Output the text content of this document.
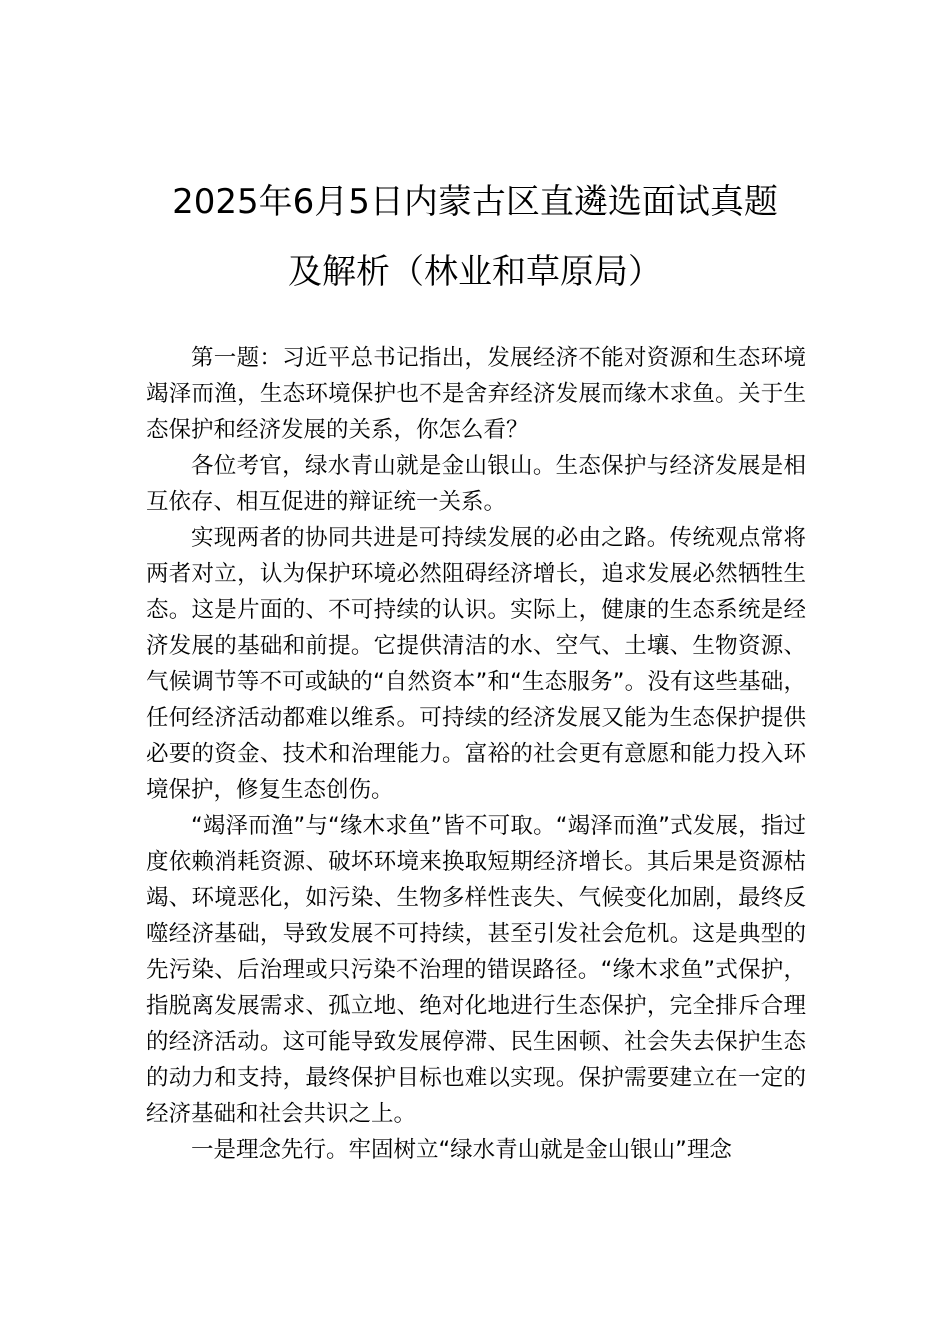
2025年6月5日内蒙古区直遴选面试真题
及解析（林业和草原局）

第一题：习近平总书记指出，发展经济不能对资源和生态环境竭泽而渔，生态环境保护也不是舍弃经济发展而缘木求鱼。关于生态保护和经济发展的关系，你怎么看？

各位考官，绿水青山就是金山银山。生态保护与经济发展是相互依存、相互促进的辩证统一关系。

实现两者的协同共进是可持续发展的必由之路。传统观点常将两者对立，认为保护环境必然阻碍经济增长，追求发展必然牺牲生态。这是片面的、不可持续的认识。实际上，健康的生态系统是经济发展的基础和前提。它提供清洁的水、空气、土壤、生物资源、气候调节等不可或缺的“自然资本”和“生态服务”。没有这些基础，任何经济活动都难以维系。可持续的经济发展又能为生态保护提供必要的资金、技术和治理能力。富裕的社会更有意愿和能力投入环境保护，修复生态创伤。

“竭泽而渔”与“缘木求鱼”皆不可取。“竭泽而渔”式发展，指过度依赖消耗资源、破坏环境来换取短期经济增长。其后果是资源枯竭、环境恶化，如污染、生物多样性丧失、气候变化加剧，最终反噬经济基础，导致发展不可持续，甚至引发社会危机。这是典型的先污染、后治理或只污染不治理的错误路径。“缘木求鱼”式保护，指脱离发展需求、孤立地、绝对化地进行生态保护，完全排斥合理的经济活动。这可能导致发展停滞、民生困顿、社会失去保护生态的动力和支持，最终保护目标也难以实现。保护需要建立在一定的经济基础和社会共识之上。

一是理念先行。牢固树立“绿水青山就是金山银山”理念
